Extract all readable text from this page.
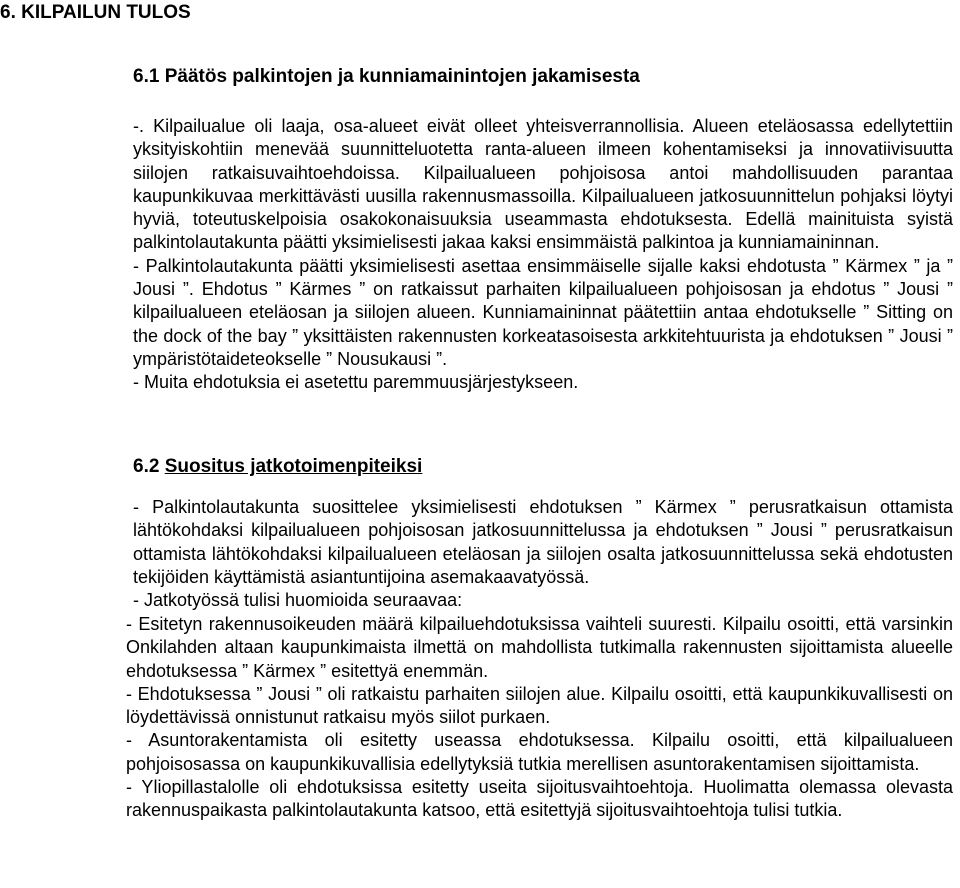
6. KILPAILUN TULOS
6.1 Päätös palkintojen ja kunniamainintojen jakamisesta

-. Kilpailualue oli laaja, osa-alueet eivät olleet yhteisverrannollisia. Alueen eteläosassa edellytettiin yksityiskohtiin menevää suunnitteluotetta ranta-alueen ilmeen kohentamiseksi ja innovatiivisuutta siilojen ratkaisuvaihtoehdoissa. Kilpailualueen pohjoisosa antoi mahdollisuuden parantaa kaupunkikuvaa merkittävästi uusilla rakennusmassoilla. Kilpailualueen jatkosuunnittelun pohjaksi löytyi hyviä, toteutuskelpoisia osakokonaisuuksia useammasta ehdotuksesta. Edellä mainituista syistä palkintolautakunta päätti yksimielisesti jakaa kaksi ensimmäistä palkintoa ja kunniamaininnan.

- Palkintolautakunta päätti yksimielisesti asettaa ensimmäiselle sijalle kaksi ehdotusta ” Kärmex ” ja ” Jousi ”. Ehdotus ” Kärmes ” on ratkaissut parhaiten kilpailualueen pohjoisosan ja ehdotus ” Jousi ” kilpailualueen eteläosan ja siilojen alueen. Kunniamaininnat päätettiin antaa ehdotukselle ” Sitting on the dock of the bay ” yksittäisten rakennusten korkeatasoisesta arkkitehtuurista ja ehdotuksen ” Jousi ” ympäristötaideteokselle ” Nousukausi ”.

- Muita ehdotuksia ei asetettu paremmuusjärjestykseen.

6.2 Suositus jatkotoimenpiteiksi

- Palkintolautakunta suosittelee yksimielisesti ehdotuksen ” Kärmex ” perusratkaisun ottamista lähtökohdaksi kilpailualueen pohjoisosan jatkosuunnittelussa ja ehdotuksen ” Jousi ” perusratkaisun ottamista lähtökohdaksi kilpailualueen eteläosan ja siilojen osalta jatkosuunnittelussa sekä ehdotusten tekijöiden käyttämistä asiantuntijoina asemakaavatyössä.

- Jatkotyössä tulisi huomioida seuraavaa:

- Esitetyn rakennusoikeuden määrä kilpailuehdotuksissa vaihteli suuresti. Kilpailu osoitti, että varsinkin Onkilahden altaan kaupunkimaista ilmettä on mahdollista tutkimalla rakennusten sijoittamista alueelle ehdotuksessa ” Kärmex ” esitettyä enemmän.

- Ehdotuksessa ” Jousi ” oli ratkaistu parhaiten siilojen alue. Kilpailu osoitti, että kaupunkikuvallisesti on löydettävissä onnistunut ratkaisu myös siilot purkaen.

- Asuntorakentamista oli esitetty useassa ehdotuksessa. Kilpailu osoitti, että kilpailualueen pohjoisosassa on kaupunkikuvallisia edellytyksiä tutkia merellisen asuntorakentamisen sijoittamista.

- Yliopillastalolle oli ehdotuksissa esitetty useita sijoitusvaihtoehtoja. Huolimatta olemassa olevasta rakennuspaikasta palkintolautakunta katsoo, että esitettyjä sijoitusvaihtoehtoja tulisi tutkia.
